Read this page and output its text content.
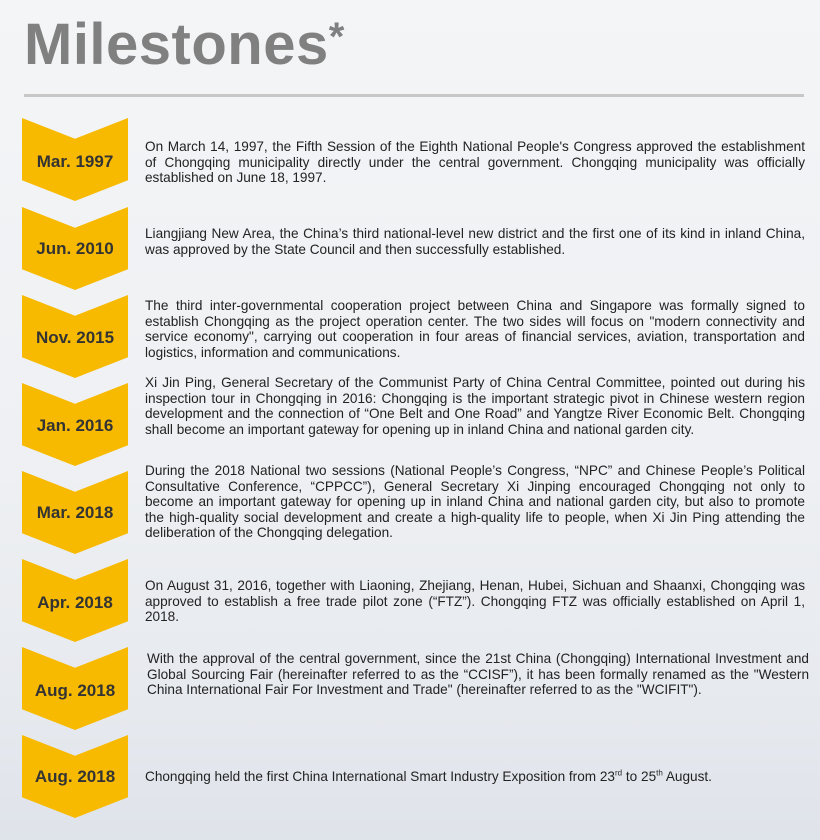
Milestones*
Mar. 1997
On March 14, 1997, the Fifth Session of the Eighth National People's Congress approved the establishment of Chongqing municipality directly under the central government. Chongqing municipality was officially established on June 18, 1997.
Jun. 2010
Liangjiang New Area, the China’s third national-level new district and the first one of its kind in inland China, was approved by the State Council and then successfully established.
Nov. 2015
The third inter-governmental cooperation project between China and Singapore was formally signed to establish Chongqing as the project operation center. The two sides will focus on "modern connectivity and service economy", carrying out cooperation in four areas of financial services, aviation, transportation and logistics, information and communications.
Jan. 2016
Xi Jin Ping, General Secretary of the Communist Party of China Central Committee, pointed out during his inspection tour in Chongqing in 2016: Chongqing is the important strategic pivot in Chinese western region development and the connection of “One Belt and One Road” and Yangtze River Economic Belt. Chongqing shall become an important gateway for opening up in inland China and national garden city.
Mar. 2018
During the 2018 National two sessions (National People’s Congress, “NPC” and Chinese People’s Political Consultative Conference, “CPPCC”), General Secretary Xi Jinping encouraged Chongqing not only to become an important gateway for opening up in inland China and national garden city, but also to promote the high-quality social development and create a high-quality life to people, when Xi Jin Ping attending the deliberation of the Chongqing delegation.
Apr. 2018
On August 31, 2016, together with Liaoning, Zhejiang, Henan, Hubei, Sichuan and Shaanxi, Chongqing was approved to establish a free trade pilot zone (“FTZ”). Chongqing FTZ was officially established on April 1, 2018.
Aug. 2018
With the approval of the central government, since the 21st China (Chongqing) International Investment and Global Sourcing Fair (hereinafter referred to as the “CCISF”), it has been formally renamed as the "Western China International Fair For Investment and Trade" (hereinafter referred to as the "WCIFIT").
Aug. 2018	Chongqing held the first China International Smart Industry Exposition from 23rd to 25th August.
